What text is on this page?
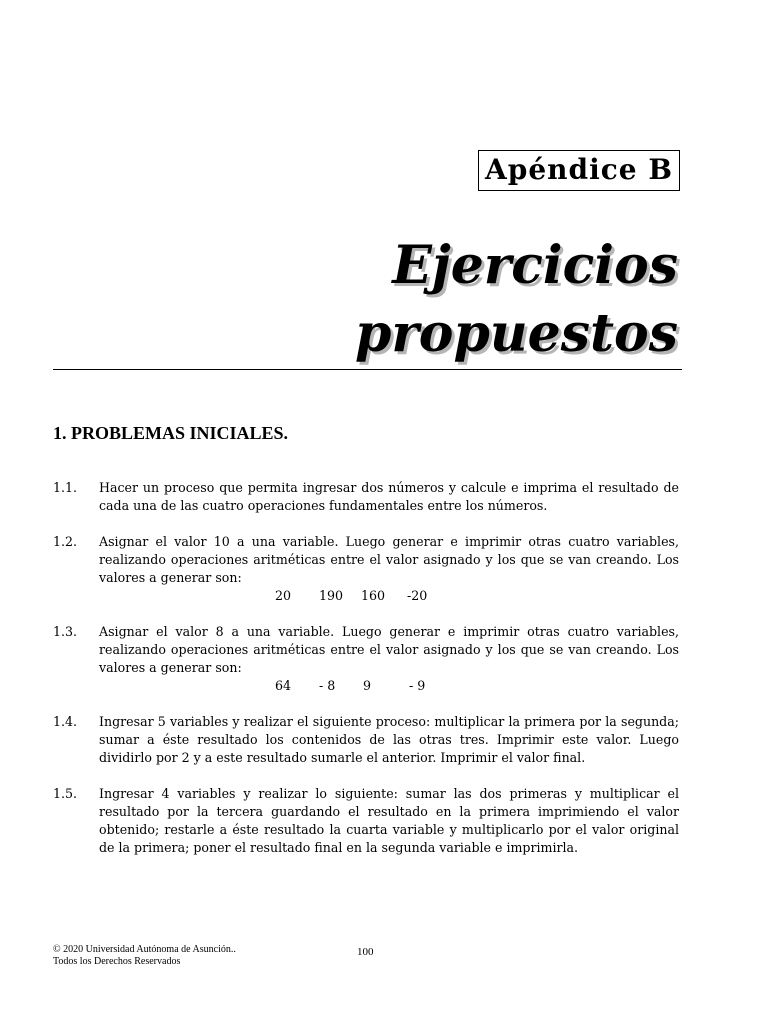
Apéndice B
Ejercicios
propuestos
1. PROBLEMAS INICIALES.
1.1.	Hacer un proceso que permita ingresar dos números y calcule e imprima el resultado de cada una de las cuatro operaciones fundamentales entre los números.
1.2.	Asignar el valor 10 a una variable. Luego generar e imprimir otras cuatro variables, realizando operaciones aritméticas entre el valor asignado y los que se van creando. Los valores a generar son:
20	190	160	-20
1.3.	Asignar el valor 8 a una variable. Luego generar e imprimir otras cuatro variables, realizando operaciones aritméticas entre el valor asignado y los que se van creando. Los valores a generar son:
64	- 8	9	- 9
1.4.	Ingresar 5 variables y realizar el siguiente proceso: multiplicar la primera por la segunda; sumar a éste resultado los contenidos de las otras tres. Imprimir este valor. Luego dividirlo por 2 y a este resultado sumarle el anterior. Imprimir el valor final.
1.5.	Ingresar 4 variables y realizar lo siguiente: sumar las dos primeras y multiplicar el resultado por la tercera guardando el resultado en la primera imprimiendo el valor obtenido; restarle a éste resultado la cuarta variable y multiplicarlo por el valor original de la primera; poner el resultado final en la segunda variable e imprimirla.
© 2020 Universidad Autónoma de Asunción..
Todos los Derechos Reservados
100
